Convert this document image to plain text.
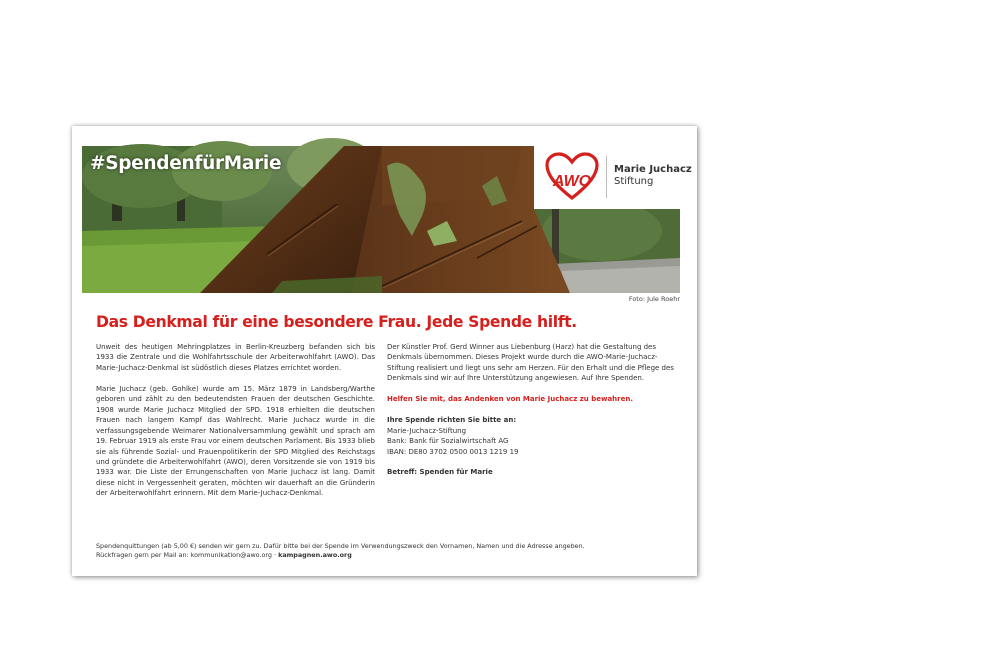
#SpendenfürMarie
AWO
Marie Juchacz
Stiftung
Foto: Jule Roehr
Das Denkmal für eine besondere Frau. Jede Spende hilft.

Unweit des heutigen Mehringplatzes in Berlin-Kreuzberg befanden sich bis 1933 die Zentrale und die Wohlfahrtsschule der Arbeiterwohlfahrt (AWO). Das Marie-Juchacz-Denkmal ist südöstlich dieses Platzes errichtet worden.

Marie Juchacz (geb. Gohlke) wurde am 15. März 1879 in Landsberg/Warthe geboren und zählt zu den bedeutendsten Frauen der deutschen Geschichte. 1908 wurde Marie Juchacz Mitglied der SPD. 1918 erhielten die deutschen Frauen nach langem Kampf das Wahlrecht. Marie Juchacz wurde in die verfassungsgebende Weimarer Nationalversammlung gewählt und sprach am 19. Februar 1919 als erste Frau vor einem deutschen Parlament. Bis 1933 blieb sie als führende Sozial- und Frauenpolitikerin der SPD Mitglied des Reichstags und gründete die Arbeiterwohlfahrt (AWO), deren Vorsitzende sie von 1919 bis 1933 war. Die Liste der Errungenschaften von Marie Juchacz ist lang. Damit diese nicht in Vergessenheit geraten, möchten wir dauerhaft an die Gründerin der Arbeiterwohlfahrt erinnern. Mit dem Marie-Juchacz-Denkmal.

Der Künstler Prof. Gerd Winner aus Liebenburg (Harz) hat die Gestaltung des Denkmals übernommen. Dieses Projekt wurde durch die AWO-Marie-Juchacz-Stiftung realisiert und liegt uns sehr am Herzen. Für den Erhalt und die Pflege des Denkmals sind wir auf Ihre Unterstützung angewiesen. Auf Ihre Spenden.

Helfen Sie mit, das Andenken von Marie Juchacz zu bewahren.

Ihre Spende richten Sie bitte an:
Marie-Juchacz-Stiftung
Bank: Bank für Sozialwirtschaft AG
IBAN: DE80 3702 0500 0013 1219 19
Betreff: Spenden für Marie
Spendenquittungen (ab 5,00 €) senden wir gern zu. Dafür bitte bei der Spende im Verwendungszweck den Vornamen, Namen und die Adresse angeben.
Rückfragen gern per Mail an: kommunikation@awo.org · kampagnen.awo.org
